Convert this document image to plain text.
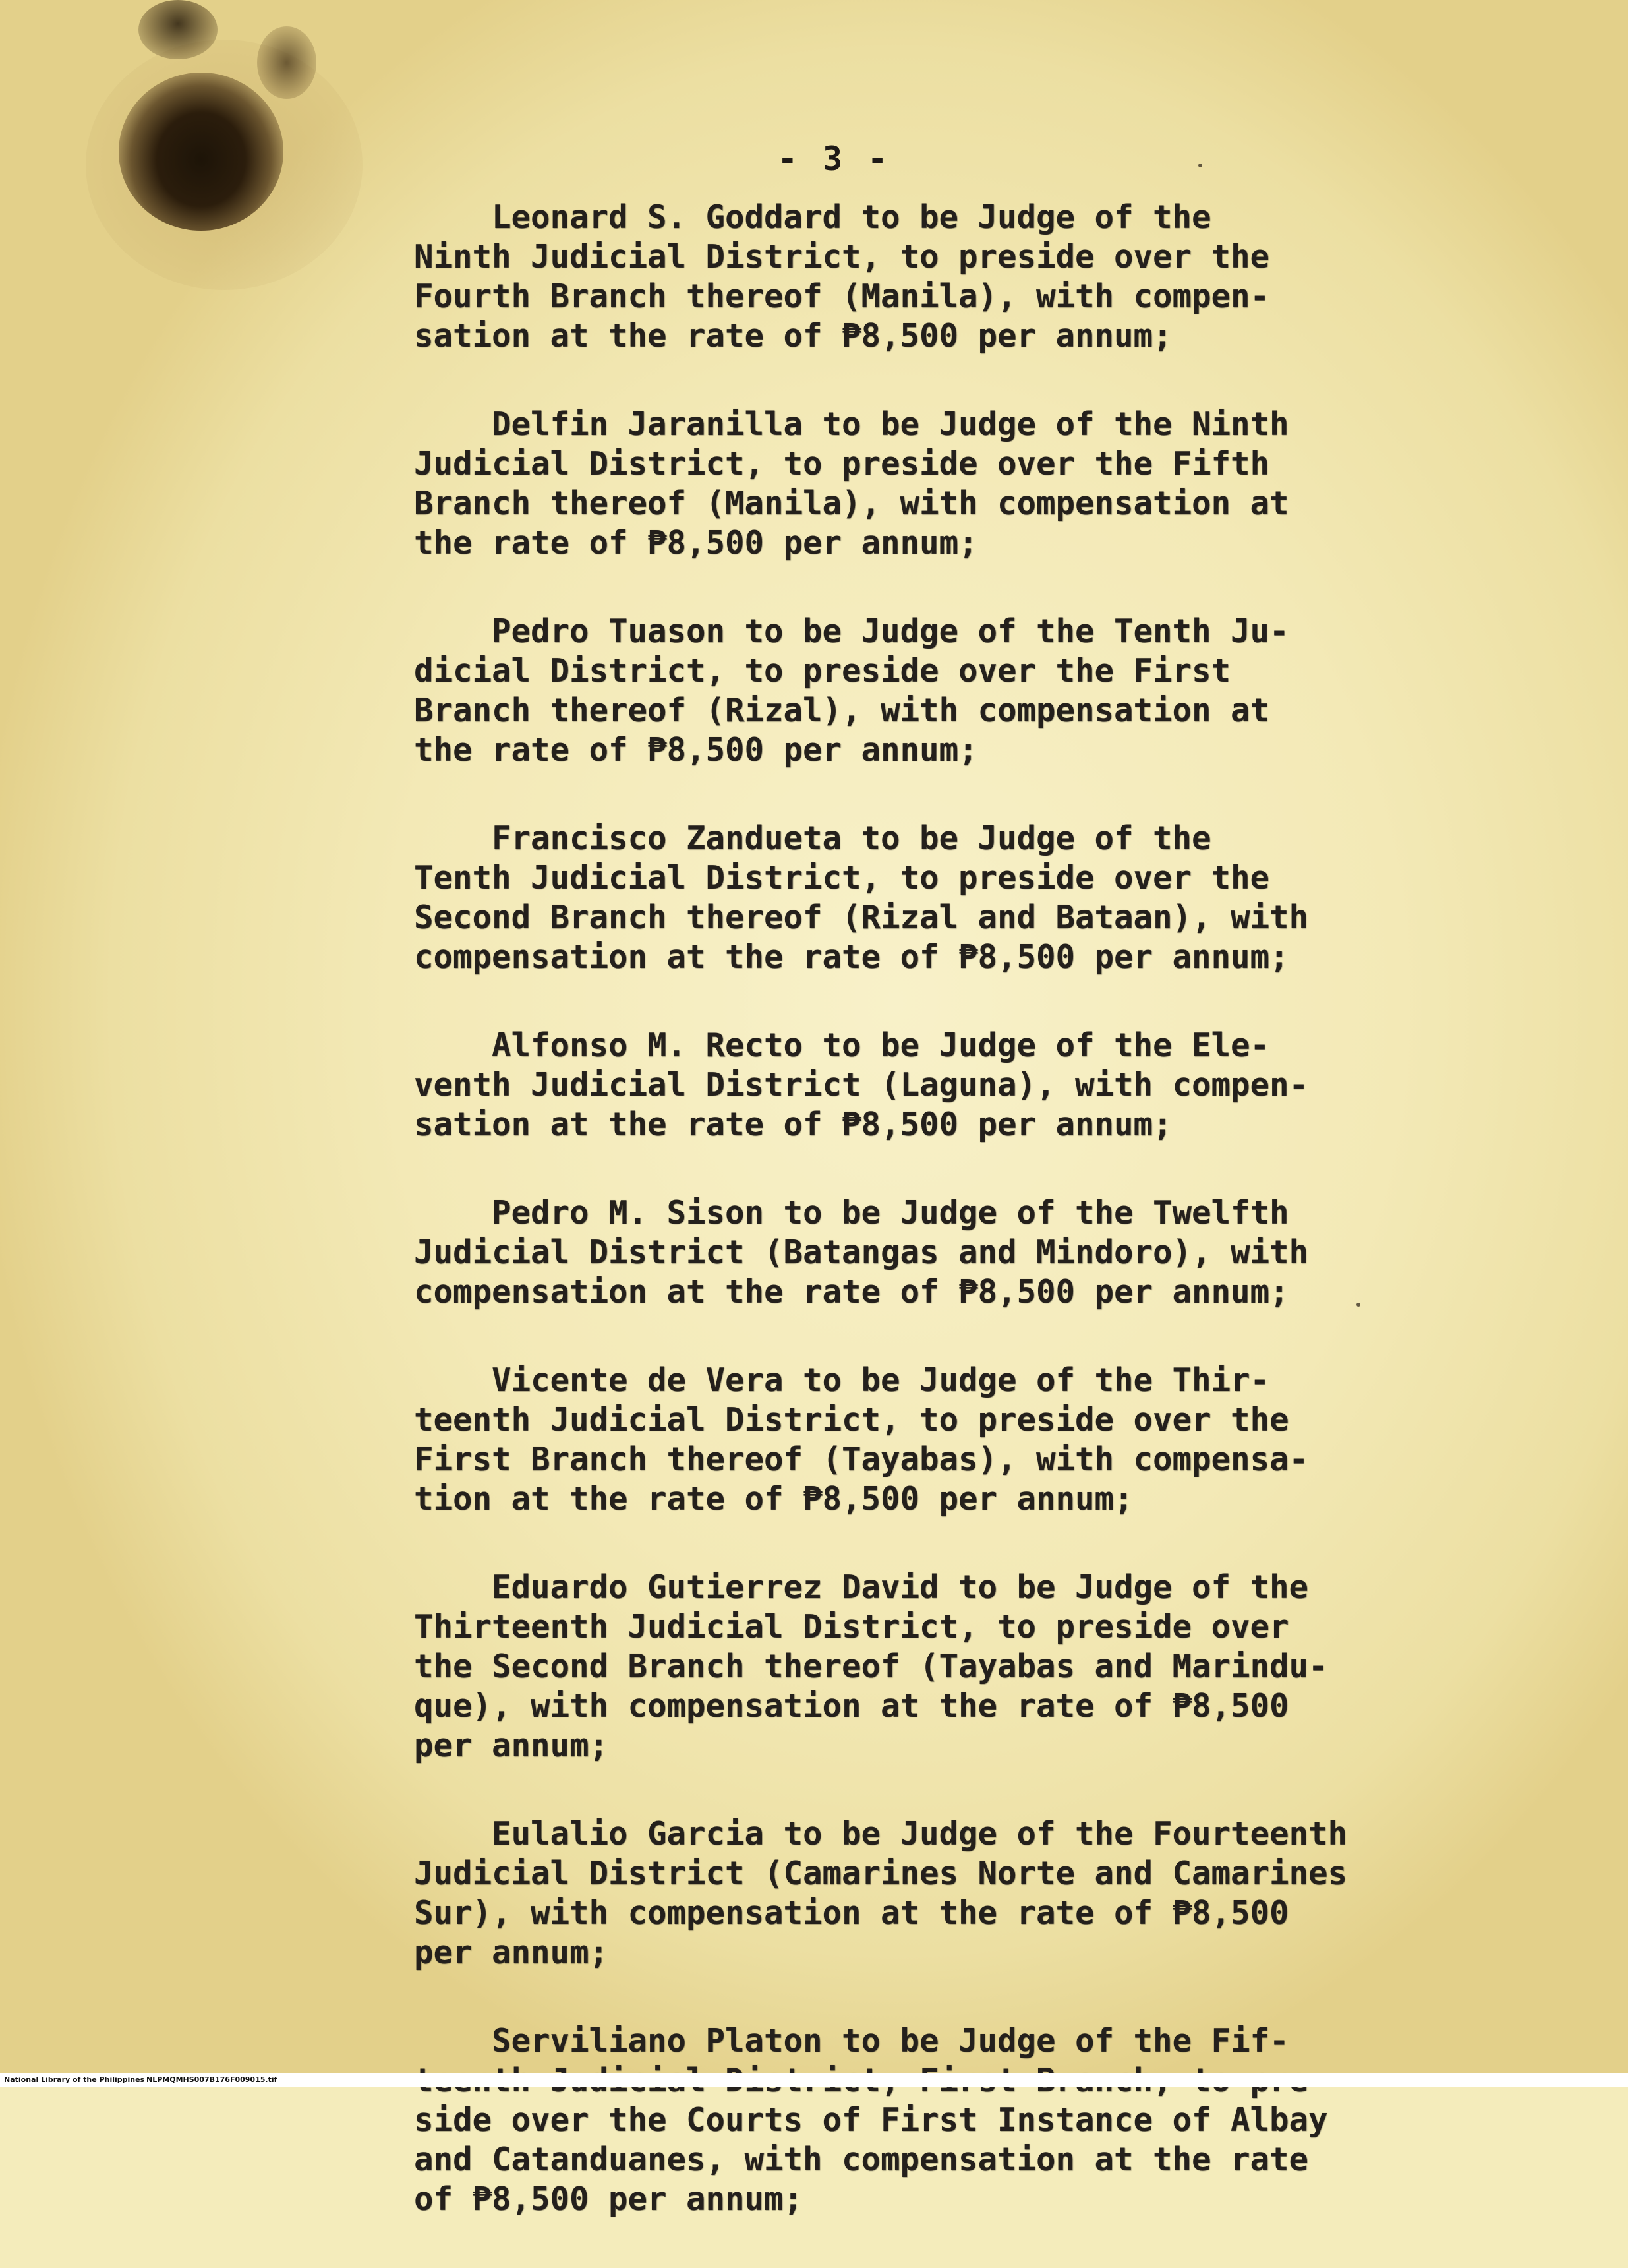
- 3 -
Leonard S. Goddard to be Judge of the
Ninth Judicial District, to preside over the
Fourth Branch thereof (Manila), with compen-
sation at the rate of ₱8,500 per annum;
Delfin Jaranilla to be Judge of the Ninth
Judicial District, to preside over the Fifth
Branch thereof (Manila), with compensation at
the rate of ₱8,500 per annum;
Pedro Tuason to be Judge of the Tenth Ju-
dicial District, to preside over the First
Branch thereof (Rizal), with compensation at
the rate of ₱8,500 per annum;
Francisco Zandueta to be Judge of the
Tenth Judicial District, to preside over the
Second Branch thereof (Rizal and Bataan), with
compensation at the rate of ₱8,500 per annum;
Alfonso M. Recto to be Judge of the Ele-
venth Judicial District (Laguna), with compen-
sation at the rate of ₱8,500 per annum;
Pedro M. Sison to be Judge of the Twelfth
Judicial District (Batangas and Mindoro), with
compensation at the rate of ₱8,500 per annum;
Vicente de Vera to be Judge of the Thir-
teenth Judicial District, to preside over the
First Branch thereof (Tayabas), with compensa-
tion at the rate of ₱8,500 per annum;
Eduardo Gutierrez David to be Judge of the
Thirteenth Judicial District, to preside over
the Second Branch thereof (Tayabas and Marindu-
que), with compensation at the rate of ₱8,500
per annum;
Eulalio Garcia to be Judge of the Fourteenth
Judicial District (Camarines Norte and Camarines
Sur), with compensation at the rate of ₱8,500
per annum;
Serviliano Platon to be Judge of the Fif-
side over the Courts of First Instance of Albay
and Catanduanes, with compensation at the rate
of ₱8,500 per annum;
National Library of the Philippines NLPMQMHS007B176F009015.tif
